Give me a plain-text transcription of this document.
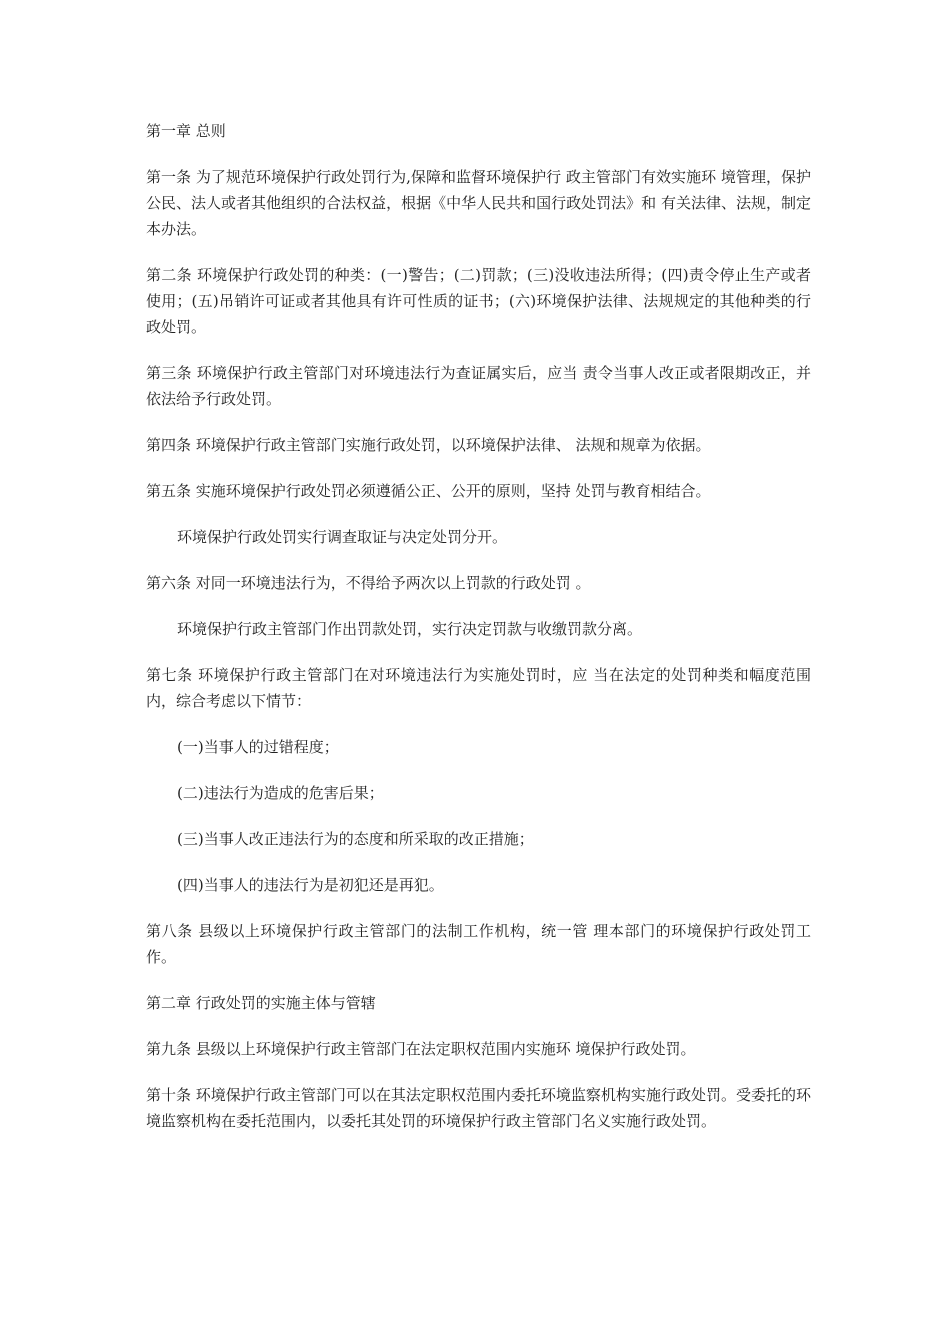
第一章 总则

第一条 为了规范环境保护行政处罚行为,保障和监督环境保护行 政主管部门有效实施环 境管理，保护公民、法人或者其他组织的合法权益，根据《中华人民共和国行政处罚法》和 有关法律、法规，制定本办法。

第二条 环境保护行政处罚的种类：(一)警告；(二)罚款；(三)没收违法所得；(四)责令停止生产或者使用；(五)吊销许可证或者其他具有许可性质的证书；(六)环境保护法律、法规规定的其他种类的行政处罚。

第三条 环境保护行政主管部门对环境违法行为查证属实后，应当 责令当事人改正或者限期改正，并依法给予行政处罚。

第四条 环境保护行政主管部门实施行政处罚，以环境保护法律、 法规和规章为依据。

第五条 实施环境保护行政处罚必须遵循公正、公开的原则，坚持 处罚与教育相结合。

环境保护行政处罚实行调查取证与决定处罚分开。

第六条 对同一环境违法行为，不得给予两次以上罚款的行政处罚 。

环境保护行政主管部门作出罚款处罚，实行决定罚款与收缴罚款分离。

第七条 环境保护行政主管部门在对环境违法行为实施处罚时，应 当在法定的处罚种类和幅度范围内，综合考虑以下情节：

(一)当事人的过错程度；

(二)违法行为造成的危害后果；

(三)当事人改正违法行为的态度和所采取的改正措施；

(四)当事人的违法行为是初犯还是再犯。

第八条 县级以上环境保护行政主管部门的法制工作机构，统一管 理本部门的环境保护行政处罚工作。

第二章 行政处罚的实施主体与管辖

第九条 县级以上环境保护行政主管部门在法定职权范围内实施环 境保护行政处罚。

第十条 环境保护行政主管部门可以在其法定职权范围内委托环境监察机构实施行政处罚。受委托的环境监察机构在委托范围内，以委托其处罚的环境保护行政主管部门名义实施行政处罚。
